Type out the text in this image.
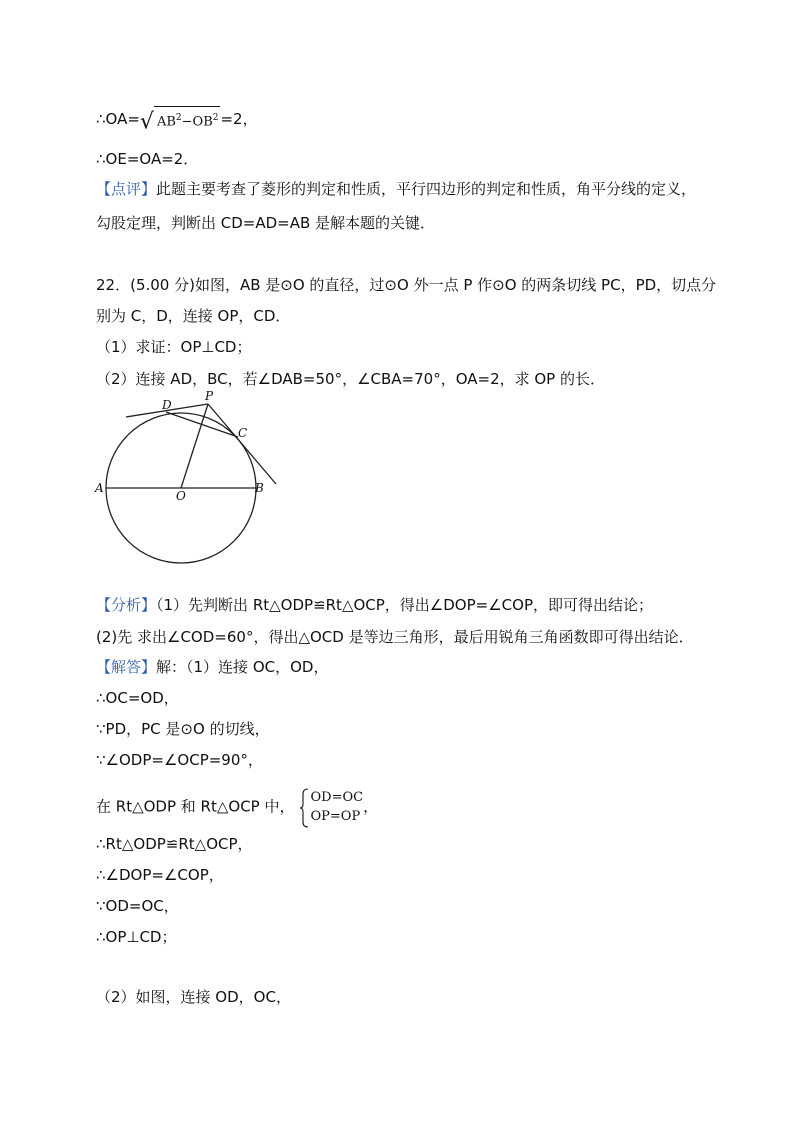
∴OA=√ $AB^2-OB^2 =2$，
∴OE=OA=2．
【点评】此题主要考查了菱形的判定和性质，平行四边形的判定和性质，角平分线的定义，
勾股定理，判断出 CD=AD=AB 是解本题的关键．
22．(5.00 分)如图，AB 是⊙O 的直径，过⊙O 外一点 P 作⊙O 的两条切线 PC，PD，切点分
别为 C，D，连接 OP，CD．
（1）求证：OP⊥CD；
（2）连接 AD，BC，若∠DAB=50°，∠CBA=70°，OA=2，求 OP 的长．
P
D
C
A
O
B
【分析】（1）先判断出 Rt△ODP≌Rt△OCP，得出∠DOP=∠COP，即可得出结论；
(2)先 求出∠COD=60°，得出△OCD 是等边三角形，最后用锐角三角函数即可得出结论．
【解答】解：（1）连接 OC，OD，
∴OC=OD，
∵PD，PC 是⊙O 的切线，
∵∠ODP=∠OCP=90°，
在 Rt△ODP 和 Rt△OCP 中， OD=OC
OP=OP
，
∴Rt△ODP≌Rt△OCP，
∴∠DOP=∠COP，
∵OD=OC，
∴OP⊥CD；
（2）如图，连接 OD，OC，
